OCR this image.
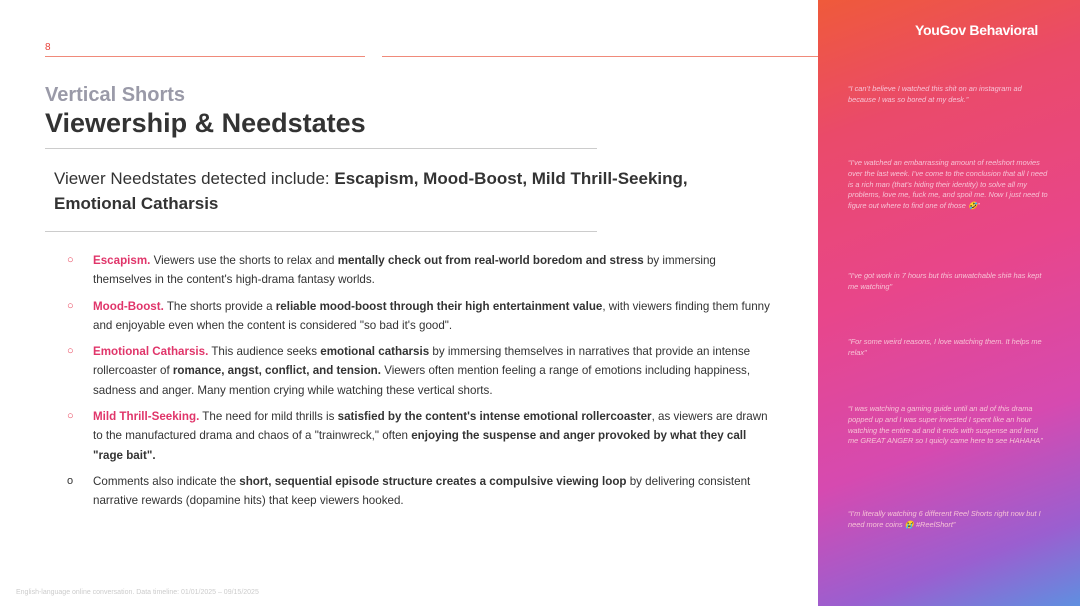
8
Vertical Shorts
Viewership & Needstates
Viewer Needstates detected include: Escapism, Mood-Boost, Mild Thrill-Seeking, Emotional Catharsis
○ Escapism. Viewers use the shorts to relax and mentally check out from real-world boredom and stress by immersing themselves in the content's high-drama fantasy worlds.
○ Mood-Boost. The shorts provide a reliable mood-boost through their high entertainment value, with viewers finding them funny and enjoyable even when the content is considered "so bad it's good".
○ Emotional Catharsis. This audience seeks emotional catharsis by immersing themselves in narratives that provide an intense rollercoaster of romance, angst, conflict, and tension. Viewers often mention feeling a range of emotions including happiness, sadness and anger. Many mention crying while watching these vertical shorts.
○ Mild Thrill-Seeking. The need for mild thrills is satisfied by the content's intense emotional rollercoaster, as viewers are drawn to the manufactured drama and chaos of a "trainwreck," often enjoying the suspense and anger provoked by what they call "rage bait".
o Comments also indicate the short, sequential episode structure creates a compulsive viewing loop by delivering consistent narrative rewards (dopamine hits) that keep viewers hooked.
English-language online conversation. Data timeline: 01/01/2025 – 09/15/2025
YouGov Behavioral
“I can’t believe I watched this shit on an instagram ad because I was so bored at my desk.”
“I’ve watched an embarrassing amount of reelshort movies over the last week. I’ve come to the conclusion that all I need is a rich man (that’s hiding their identity) to solve all my problems, love me, fuck me, and spoil me. Now I just need to figure out where to find one of those 🤣”
"I've got work in 7 hours but this unwatchable shi# has kept me watching"
"For some weird reasons, I love watching them. It helps me relax"
“I was watching a gaming guide until an ad of this drama popped up and I was super invested I spent like an hour watching the entire ad and it ends with suspense and lend me GREAT ANGER so I quicly came here to see HAHAHA”
“I’m literally watching 6 different Reel Shorts right now but I need more coins 😭 #ReelShort”
